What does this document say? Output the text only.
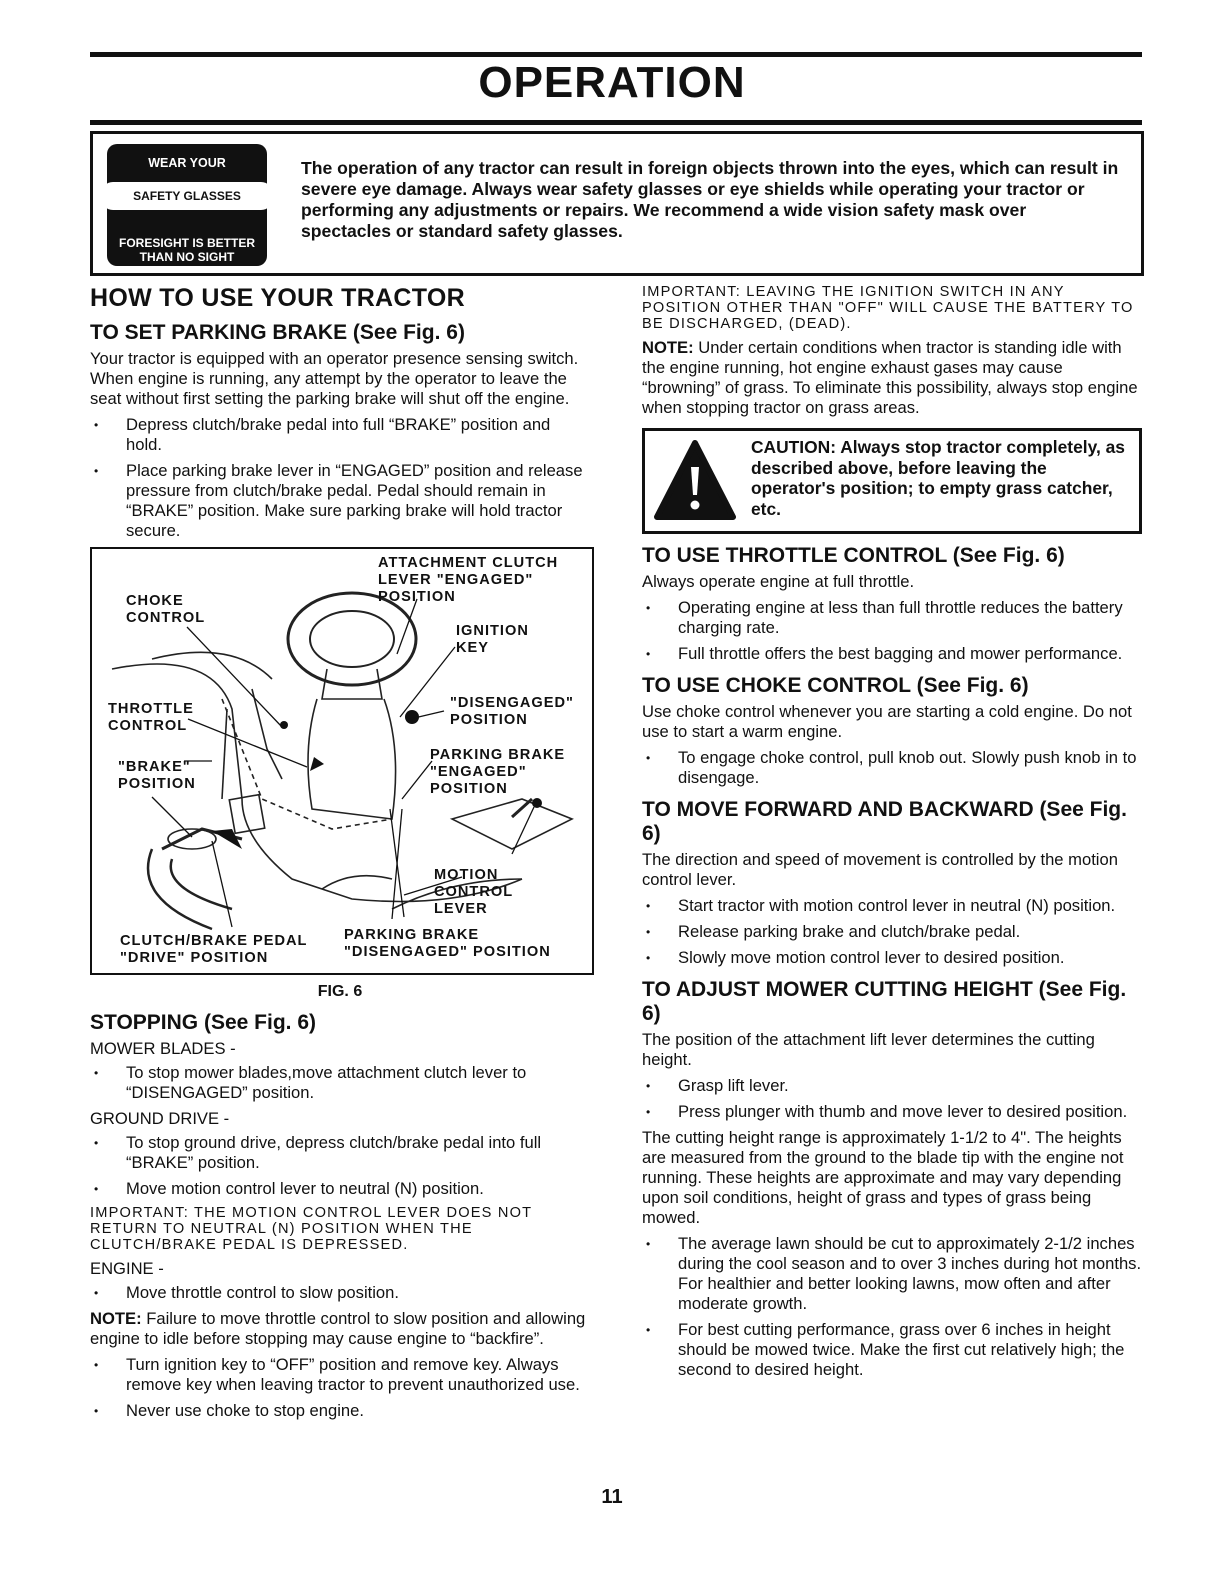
OPERATION
WEAR YOUR
SAFETY GLASSES
FORESIGHT IS BETTER
THAN NO SIGHT
The operation of any tractor can result in foreign objects thrown into the eyes, which can result in severe eye damage. Always wear safety glasses or eye shields while operating your tractor or performing any adjustments or repairs. We recommend a wide vision safety mask over spectacles or standard safety glasses.
HOW TO USE YOUR TRACTOR
TO SET PARKING BRAKE (See Fig. 6)

Your tractor is equipped with an operator presence sensing switch. When engine is running, any attempt by the operator to leave the seat without first setting the parking brake will shut off the engine.

• Depress clutch/brake pedal into full “BRAKE” position and hold.
• Place parking brake lever in “ENGAGED” position and release pressure from clutch/brake pedal. Pedal should remain in “BRAKE” position. Make sure parking brake will hold tractor secure.
ATTACHMENT CLUTCH
LEVER "ENGAGED"
POSITION
CHOKE
CONTROL
IGNITION
KEY
THROTTLE
CONTROL
"DISENGAGED"
POSITION
"BRAKE"
POSITION
PARKING BRAKE
"ENGAGED"
POSITION
MOTION
CONTROL
LEVER
CLUTCH/BRAKE PEDAL
"DRIVE" POSITION
PARKING BRAKE
"DISENGAGED" POSITION
FIG. 6
STOPPING (See Fig. 6)
MOWER BLADES -
• To stop mower blades,move attachment clutch lever to “DISENGAGED” position.
GROUND DRIVE -
• To stop ground drive, depress clutch/brake pedal into full “BRAKE” position.
• Move motion control lever to neutral (N) position.

IMPORTANT: THE MOTION CONTROL LEVER DOES NOT RETURN TO NEUTRAL (N) POSITION WHEN THE CLUTCH/BRAKE PEDAL IS DEPRESSED.

ENGINE -
• Move throttle control to slow position.

NOTE: Failure to move throttle control to slow position and allowing engine to idle before stopping may cause engine to “backfire”.

• Turn ignition key to “OFF” position and remove key. Always remove key when leaving tractor to prevent unauthorized use.
• Never use choke to stop engine.

IMPORTANT: LEAVING THE IGNITION SWITCH IN ANY POSITION OTHER THAN "OFF" WILL CAUSE THE BATTERY TO BE DISCHARGED, (DEAD).

NOTE: Under certain conditions when tractor is standing idle with the engine running, hot engine exhaust gases may cause “browning” of grass. To eliminate this possibility, always stop engine when stopping tractor on grass areas.

CAUTION: Always stop tractor completely, as described above, before leaving the operator's position; to empty grass catcher, etc.
TO USE THROTTLE CONTROL (See Fig. 6)

Always operate engine at full throttle.

• Operating engine at less than full throttle reduces the battery charging rate.
• Full throttle offers the best bagging and mower performance.
TO USE CHOKE CONTROL (See Fig. 6)

Use choke control whenever you are starting a cold engine. Do not use to start a warm engine.

• To engage choke control, pull knob out. Slowly push knob in to disengage.
TO MOVE FORWARD AND BACKWARD (See Fig. 6)

The direction and speed of movement is controlled by the motion control lever.

• Start tractor with motion control lever in neutral (N) position.
• Release parking brake and clutch/brake pedal.
• Slowly move motion control lever to desired position.
TO ADJUST MOWER CUTTING HEIGHT (See Fig. 6)

The position of the attachment lift lever determines the cutting height.

• Grasp lift lever.
• Press plunger with thumb and move lever to desired position.

The cutting height range is approximately 1-1/2 to 4". The heights are measured from the ground to the blade tip with the engine not running. These heights are approximate and may vary depending upon soil conditions, height of grass and types of grass being mowed.

• The average lawn should be cut to approximately 2-1/2 inches during the cool season and to over 3 inches during hot months. For healthier and better looking lawns, mow often and after moderate growth.
• For best cutting performance, grass over 6 inches in height should be mowed twice. Make the first cut relatively high; the second to desired height.
11
